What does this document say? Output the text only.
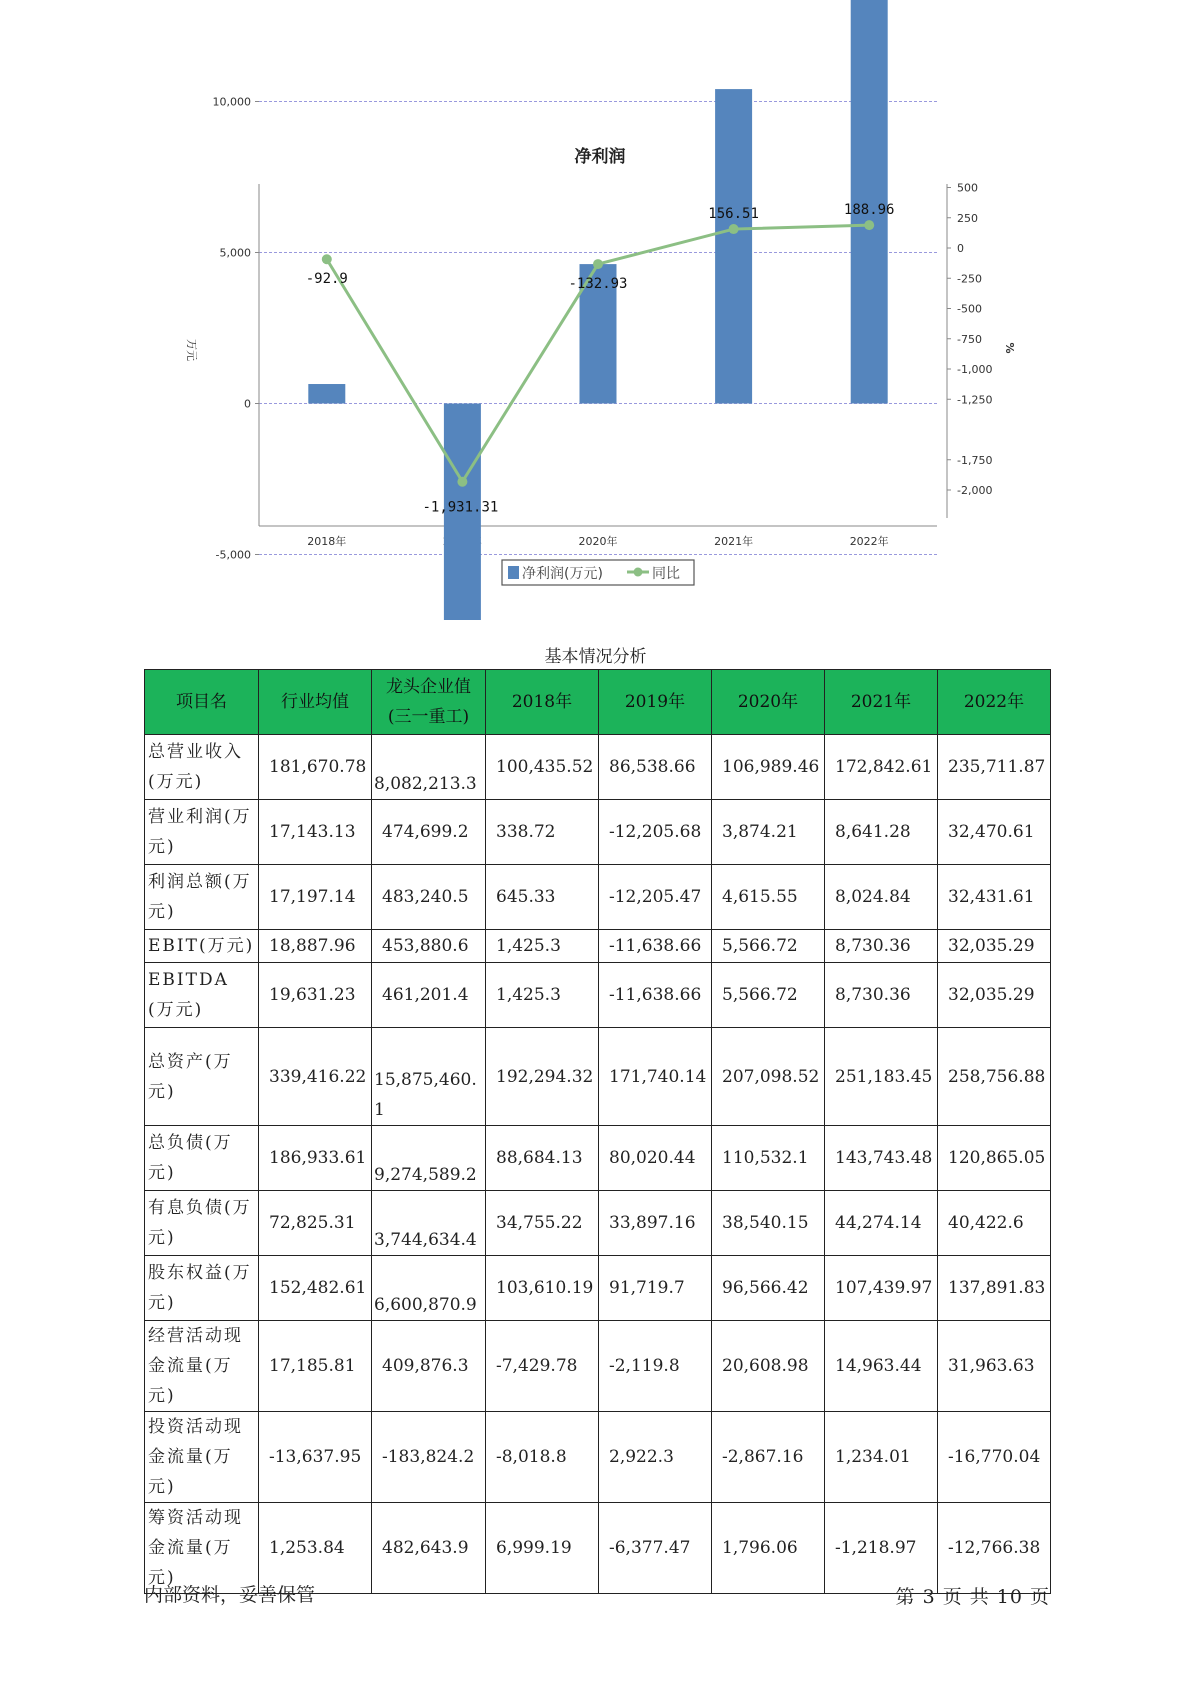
净利润
10,000
5,000
0
-5,000
500
250
0
-250
-500
-750
-1,000
-1,250
-1,750
-2,000
万元	%
2018年	2020年	2021年	2022年
-92.9
-1,931.31
-132.93
156.51	188.96
净利润(万元)	同比
基本情况分析
项目名	行业均值	龙头企业值(三一重工)	2018年	2019年	2020年	2021年	2022年
总营业收入(万元)	181,670.78	8,082,213.3	100,435.52	86,538.66	106,989.46	172,842.61	235,711.87
营业利润(万元)	17,143.13	474,699.2	338.72	-12,205.68	3,874.21	8,641.28	32,470.61
利润总额(万元)	17,197.14	483,240.5	645.33	-12,205.47	4,615.55	8,024.84	32,431.61
EBIT(万元)	18,887.96	453,880.6	1,425.3	-11,638.66	5,566.72	8,730.36	32,035.29
EBITDA(万元)	19,631.23	461,201.4	1,425.3	-11,638.66	5,566.72	8,730.36	32,035.29
总资产(万元)	339,416.22	15,875,460.1	192,294.32	171,740.14	207,098.52	251,183.45	258,756.88
总负债(万元)	186,933.61	9,274,589.2	88,684.13	80,020.44	110,532.1	143,743.48	120,865.05
有息负债(万元)	72,825.31	3,744,634.4	34,755.22	33,897.16	38,540.15	44,274.14	40,422.6
股东权益(万元)	152,482.61	6,600,870.9	103,610.19	91,719.7	96,566.42	107,439.97	137,891.83
经营活动现金流量(万元)	17,185.81	409,876.3	-7,429.78	-2,119.8	20,608.98	14,963.44	31,963.63
投资活动现金流量(万元)	-13,637.95	-183,824.2	-8,018.8	2,922.3	-2,867.16	1,234.01	-16,770.04
筹资活动现金流量(万元)	1,253.84	482,643.9	6,999.19	-6,377.47	1,796.06	-1,218.97	-12,766.38
内部资料，妥善保管	第 3 页 共 10 页
